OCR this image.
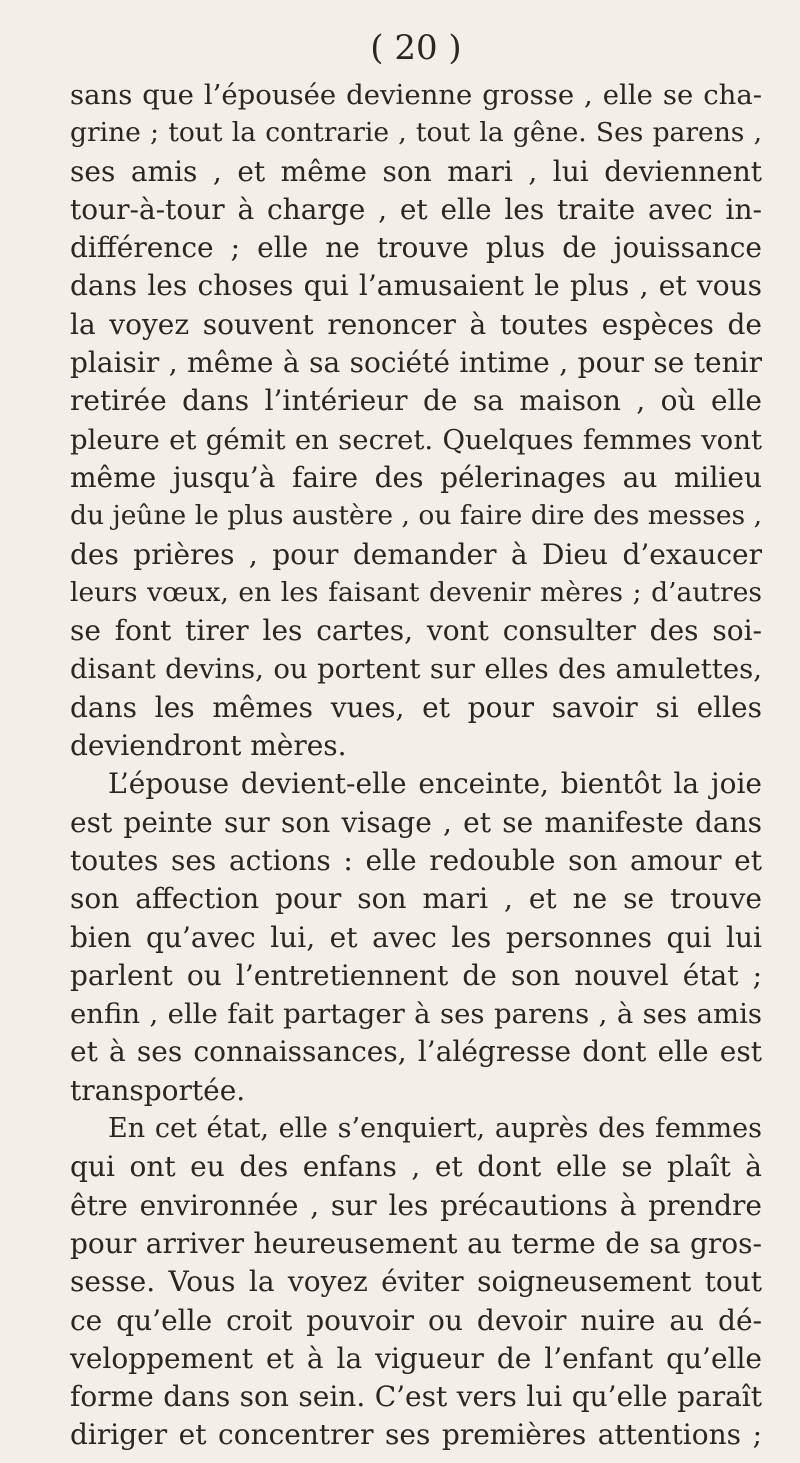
( 20 )
sans que l’épousée devienne grosse , elle se cha-
grine ; tout la contrarie , tout la gêne. Ses parens ,
ses amis , et même son mari , lui deviennent
tour-à-tour à charge , et elle les traite avec in-
différence ; elle ne trouve plus de jouissance
dans les choses qui l’amusaient le plus , et vous
la voyez souvent renoncer à toutes espèces de
plaisir , même à sa société intime , pour se tenir
retirée dans l’intérieur de sa maison , où elle
pleure et gémit en secret. Quelques femmes vont
même jusqu’à faire des pélerinages au milieu
du jeûne le plus austère , ou faire dire des messes ,
des prières , pour demander à Dieu d’exaucer
leurs vœux, en les faisant devenir mères ; d’autres
se font tirer les cartes, vont consulter des soi-
disant devins, ou portent sur elles des amulettes,
dans les mêmes vues, et pour savoir si elles
deviendront mères.
L’épouse devient-elle enceinte, bientôt la joie
est peinte sur son visage , et se manifeste dans
toutes ses actions : elle redouble son amour et
son affection pour son mari , et ne se trouve
bien qu’avec lui, et avec les personnes qui lui
parlent ou l’entretiennent de son nouvel état ;
enfin , elle fait partager à ses parens , à ses amis
et à ses connaissances, l’alégresse dont elle est
transportée.
En cet état, elle s’enquiert, auprès des femmes
qui ont eu des enfans , et dont elle se plaît à
être environnée , sur les précautions à prendre
pour arriver heureusement au terme de sa gros-
sesse. Vous la voyez éviter soigneusement tout
ce qu’elle croit pouvoir ou devoir nuire au dé-
veloppement et à la vigueur de l’enfant qu’elle
forme dans son sein. C’est vers lui qu’elle paraît
diriger et concentrer ses premières attentions ;
